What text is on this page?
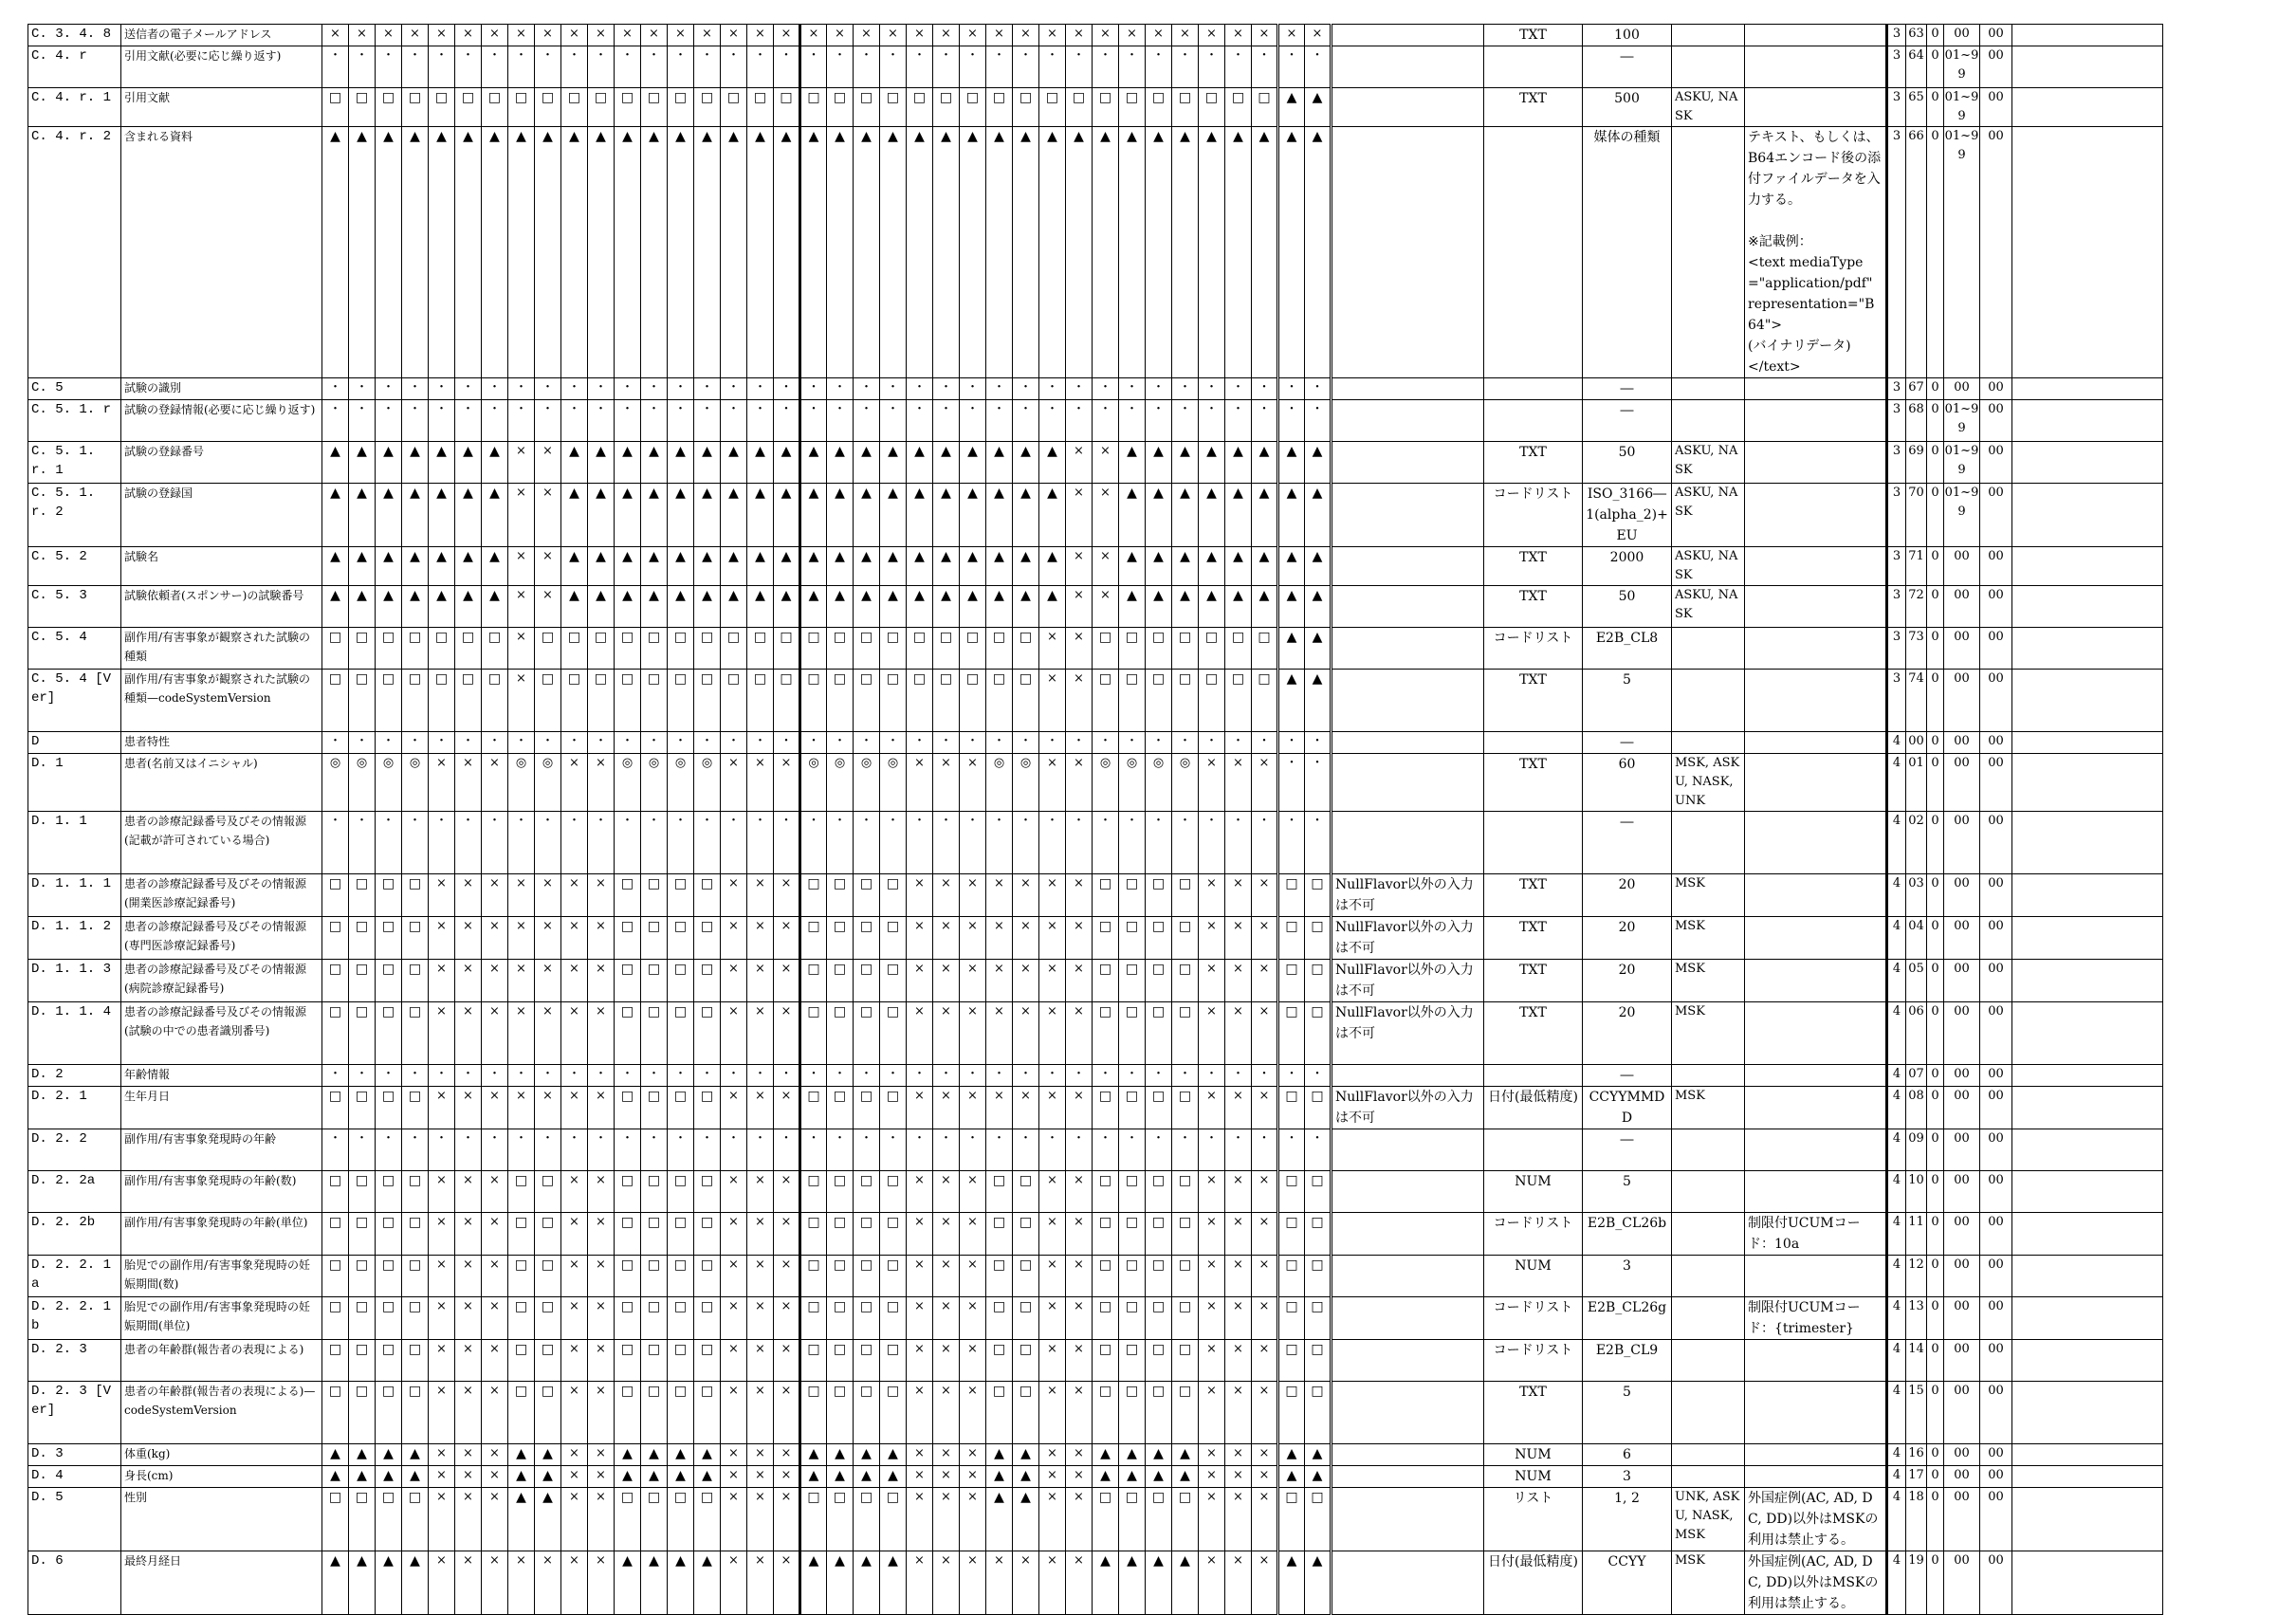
C. 3. 4. 8	送信者の電子メールアドレス	×	×	×	×	×	×	×	×	×	×	×	×	×	×	×	×	×	×	×	×	×	×	×	×	×	×	×	×	×	×	×	×	×	×	×	×	×	×		TXT	100			3	63	0	00	00	
C. 4. r	引用文献(必要に応じ繰り返す)	・	・	・	・	・	・	・	・	・	・	・	・	・	・	・	・	・	・	・	・	・	・	・	・	・	・	・	・	・	・	・	・	・	・	・	・	・	・			―			3	64	0	01~99	00	
C. 4. r. 1	引用文献	□	□	□	□	□	□	□	□	□	□	□	□	□	□	□	□	□	□	□	□	□	□	□	□	□	□	□	□	□	□	□	□	□	□	□	□	▲	▲		TXT	500	ASKU, NASK		3	65	0	01~99	00	
C. 4. r. 2	含まれる資料	▲	▲	▲	▲	▲	▲	▲	▲	▲	▲	▲	▲	▲	▲	▲	▲	▲	▲	▲	▲	▲	▲	▲	▲	▲	▲	▲	▲	▲	▲	▲	▲	▲	▲	▲	▲	▲	▲			媒体の種類		テキスト、もしくは、B64エンコード後の添付ファイルデータを入力する。

※記載例：
<text mediaType="application/pdf" representation="B64">
(バイナリデータ)
</text>	3	66	0	01~99	00	
C. 5	試験の識別	・	・	・	・	・	・	・	・	・	・	・	・	・	・	・	・	・	・	・	・	・	・	・	・	・	・	・	・	・	・	・	・	・	・	・	・	・	・			―			3	67	0	00	00	
C. 5. 1. r	試験の登録情報(必要に応じ繰り返す)	・	・	・	・	・	・	・	・	・	・	・	・	・	・	・	・	・	・	・	・	・	・	・	・	・	・	・	・	・	・	・	・	・	・	・	・	・	・			―			3	68	0	01~99	00	
C. 5. 1. r. 1	試験の登録番号	▲	▲	▲	▲	▲	▲	▲	×	×	▲	▲	▲	▲	▲	▲	▲	▲	▲	▲	▲	▲	▲	▲	▲	▲	▲	▲	▲	×	×	▲	▲	▲	▲	▲	▲	▲	▲		TXT	50	ASKU, NASK		3	69	0	01~99	00	
C. 5. 1. r. 2	試験の登録国	▲	▲	▲	▲	▲	▲	▲	×	×	▲	▲	▲	▲	▲	▲	▲	▲	▲	▲	▲	▲	▲	▲	▲	▲	▲	▲	▲	×	×	▲	▲	▲	▲	▲	▲	▲	▲		コードリスト	ISO_3166―1(alpha_2)+EU	ASKU, NASK		3	70	0	01~99	00	
C. 5. 2	試験名	▲	▲	▲	▲	▲	▲	▲	×	×	▲	▲	▲	▲	▲	▲	▲	▲	▲	▲	▲	▲	▲	▲	▲	▲	▲	▲	▲	×	×	▲	▲	▲	▲	▲	▲	▲	▲		TXT	2000	ASKU, NASK		3	71	0	00	00	
C. 5. 3	試験依頼者(スポンサー)の試験番号	▲	▲	▲	▲	▲	▲	▲	×	×	▲	▲	▲	▲	▲	▲	▲	▲	▲	▲	▲	▲	▲	▲	▲	▲	▲	▲	▲	×	×	▲	▲	▲	▲	▲	▲	▲	▲		TXT	50	ASKU, NASK		3	72	0	00	00	
C. 5. 4	副作用/有害事象が観察された試験の種類	□	□	□	□	□	□	□	×	□	□	□	□	□	□	□	□	□	□	□	□	□	□	□	□	□	□	□	×	×	□	□	□	□	□	□	□	▲	▲		コードリスト	E2B_CL8			3	73	0	00	00	
C. 5. 4 [Ver]	副作用/有害事象が観察された試験の種類—codeSystemVersion	□	□	□	□	□	□	□	×	□	□	□	□	□	□	□	□	□	□	□	□	□	□	□	□	□	□	□	×	×	□	□	□	□	□	□	□	▲	▲		TXT	5			3	74	0	00	00	
D	患者特性	・	・	・	・	・	・	・	・	・	・	・	・	・	・	・	・	・	・	・	・	・	・	・	・	・	・	・	・	・	・	・	・	・	・	・	・	・	・			―			4	00	0	00	00	
D. 1	患者(名前又はイニシャル)	◎	◎	◎	◎	×	×	×	◎	◎	×	×	◎	◎	◎	◎	×	×	×	◎	◎	◎	◎	×	×	×	◎	◎	×	×	◎	◎	◎	◎	×	×	×	・	・		TXT	60	MSK, ASKU, NASK, UNK		4	01	0	00	00	
D. 1. 1	患者の診療記録番号及びその情報源(記載が許可されている場合)	・	・	・	・	・	・	・	・	・	・	・	・	・	・	・	・	・	・	・	・	・	・	・	・	・	・	・	・	・	・	・	・	・	・	・	・	・	・			―			4	02	0	00	00	
D. 1. 1. 1	患者の診療記録番号及びその情報源(開業医診療記録番号)	□	□	□	□	×	×	×	×	×	×	×	□	□	□	□	×	×	×	□	□	□	□	×	×	×	×	×	×	×	□	□	□	□	×	×	×	□	□	NullFlavor以外の入力は不可	TXT	20	MSK		4	03	0	00	00	
D. 1. 1. 2	患者の診療記録番号及びその情報源(専門医診療記録番号)	□	□	□	□	×	×	×	×	×	×	×	□	□	□	□	×	×	×	□	□	□	□	×	×	×	×	×	×	×	□	□	□	□	×	×	×	□	□	NullFlavor以外の入力は不可	TXT	20	MSK		4	04	0	00	00	
D. 1. 1. 3	患者の診療記録番号及びその情報源(病院診療記録番号)	□	□	□	□	×	×	×	×	×	×	×	□	□	□	□	×	×	×	□	□	□	□	×	×	×	×	×	×	×	□	□	□	□	×	×	×	□	□	NullFlavor以外の入力は不可	TXT	20	MSK		4	05	0	00	00	
D. 1. 1. 4	患者の診療記録番号及びその情報源(試験の中での患者識別番号)	□	□	□	□	×	×	×	×	×	×	×	□	□	□	□	×	×	×	□	□	□	□	×	×	×	×	×	×	×	□	□	□	□	×	×	×	□	□	NullFlavor以外の入力は不可	TXT	20	MSK		4	06	0	00	00	
D. 2	年齢情報	・	・	・	・	・	・	・	・	・	・	・	・	・	・	・	・	・	・	・	・	・	・	・	・	・	・	・	・	・	・	・	・	・	・	・	・	・	・			―			4	07	0	00	00	
D. 2. 1	生年月日	□	□	□	□	×	×	×	×	×	×	×	□	□	□	□	×	×	×	□	□	□	□	×	×	×	×	×	×	×	□	□	□	□	×	×	×	□	□	NullFlavor以外の入力は不可	日付(最低精度)	CCYYMMDD	MSK		4	08	0	00	00	
D. 2. 2	副作用/有害事象発現時の年齢	・	・	・	・	・	・	・	・	・	・	・	・	・	・	・	・	・	・	・	・	・	・	・	・	・	・	・	・	・	・	・	・	・	・	・	・	・	・			―			4	09	0	00	00	
D. 2. 2a	副作用/有害事象発現時の年齢(数)	□	□	□	□	×	×	×	□	□	×	×	□	□	□	□	×	×	×	□	□	□	□	×	×	×	□	□	×	×	□	□	□	□	×	×	×	□	□		NUM	5			4	10	0	00	00	
D. 2. 2b	副作用/有害事象発現時の年齢(単位)	□	□	□	□	×	×	×	□	□	×	×	□	□	□	□	×	×	×	□	□	□	□	×	×	×	□	□	×	×	□	□	□	□	×	×	×	□	□		コードリスト	E2B_CL26b		制限付UCUMコード：10a	4	11	0	00	00	
D. 2. 2. 1a	胎児での副作用/有害事象発現時の妊娠期間(数)	□	□	□	□	×	×	×	□	□	×	×	□	□	□	□	×	×	×	□	□	□	□	×	×	×	□	□	×	×	□	□	□	□	×	×	×	□	□		NUM	3			4	12	0	00	00	
D. 2. 2. 1b	胎児での副作用/有害事象発現時の妊娠期間(単位)	□	□	□	□	×	×	×	□	□	×	×	□	□	□	□	×	×	×	□	□	□	□	×	×	×	□	□	×	×	□	□	□	□	×	×	×	□	□		コードリスト	E2B_CL26g		制限付UCUMコード：{trimester}	4	13	0	00	00	
D. 2. 3	患者の年齢群(報告者の表現による)	□	□	□	□	×	×	×	□	□	×	×	□	□	□	□	×	×	×	□	□	□	□	×	×	×	□	□	×	×	□	□	□	□	×	×	×	□	□		コードリスト	E2B_CL9			4	14	0	00	00	
D. 2. 3 [Ver]	患者の年齢群(報告者の表現による)—codeSystemVersion	□	□	□	□	×	×	×	□	□	×	×	□	□	□	□	×	×	×	□	□	□	□	×	×	×	□	□	×	×	□	□	□	□	×	×	×	□	□		TXT	5			4	15	0	00	00	
D. 3	体重(kg)	▲	▲	▲	▲	×	×	×	▲	▲	×	×	▲	▲	▲	▲	×	×	×	▲	▲	▲	▲	×	×	×	▲	▲	×	×	▲	▲	▲	▲	×	×	×	▲	▲		NUM	6			4	16	0	00	00	
D. 4	身長(cm)	▲	▲	▲	▲	×	×	×	▲	▲	×	×	▲	▲	▲	▲	×	×	×	▲	▲	▲	▲	×	×	×	▲	▲	×	×	▲	▲	▲	▲	×	×	×	▲	▲		NUM	3			4	17	0	00	00	
D. 5	性別	□	□	□	□	×	×	×	▲	▲	×	×	□	□	□	□	×	×	×	□	□	□	□	×	×	×	▲	▲	×	×	□	□	□	□	×	×	×	□	□		リスト	1, 2	UNK, ASKU, NASK, MSK	外国症例(AC, AD, DC, DD)以外はMSKの利用は禁止する。	4	18	0	00	00	
D. 6	最終月経日	▲	▲	▲	▲	×	×	×	×	×	×	×	▲	▲	▲	▲	×	×	×	▲	▲	▲	▲	×	×	×	×	×	×	×	▲	▲	▲	▲	×	×	×	▲	▲		日付(最低精度)	CCYY	MSK	外国症例(AC, AD, DC, DD)以外はMSKの利用は禁止する。	4	19	0	00	00	
